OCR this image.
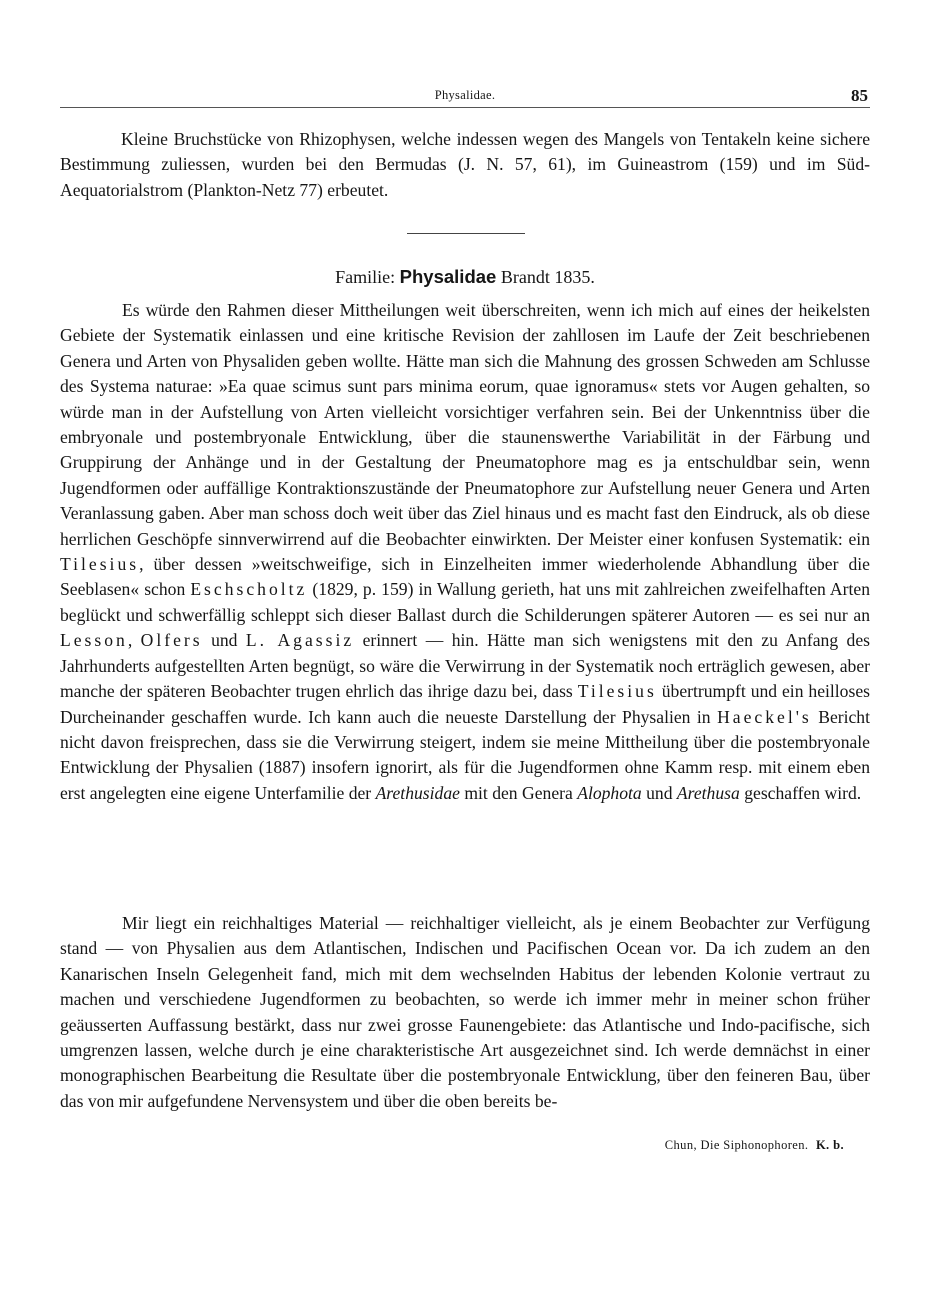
Physalidae.	85

Kleine Bruchstücke von Rhizophysen, welche indessen wegen des Mangels von Tentakeln keine sichere Bestimmung zuliessen, wurden bei den Bermudas (J. N. 57, 61), im Guineastrom (159) und im Süd-Aequatorialstrom (Plankton-Netz 77) erbeutet.

Familie: Physalidae Brandt 1835.

Es würde den Rahmen dieser Mittheilungen weit überschreiten, wenn ich mich auf eines der heikelsten Gebiete der Systematik einlassen und eine kritische Revision der zahllosen im Laufe der Zeit beschriebenen Genera und Arten von Physaliden geben wollte. Hätte man sich die Mahnung des grossen Schweden am Schlusse des Systema naturae: »Ea quae scimus sunt pars minima eorum, quae ignoramus« stets vor Augen gehalten, so würde man in der Aufstellung von Arten vielleicht vorsichtiger verfahren sein. Bei der Unkenntniss über die embryonale und postembryonale Entwicklung, über die staunenswerthe Variabilität in der Färbung und Gruppirung der Anhänge und in der Gestaltung der Pneumatophore mag es ja entschuldbar sein, wenn Jugendformen oder auffällige Kontraktionszustände der Pneumatophore zur Aufstellung neuer Genera und Arten Veranlassung gaben. Aber man schoss doch weit über das Ziel hinaus und es macht fast den Eindruck, als ob diese herrlichen Geschöpfe sinnverwirrend auf die Beobachter einwirkten. Der Meister einer konfusen Systematik: ein Tilesius, über dessen »weitschweifige, sich in Einzelheiten immer wiederholende Abhandlung über die Seeblasen« schon Eschscholtz (1829, p. 159) in Wallung gerieth, hat uns mit zahlreichen zweifelhaften Arten beglückt und schwerfällig schleppt sich dieser Ballast durch die Schilderungen späterer Autoren — es sei nur an Lesson, Olfers und L. Agassiz erinnert — hin. Hätte man sich wenigstens mit den zu Anfang des Jahrhunderts aufgestellten Arten begnügt, so wäre die Verwirrung in der Systematik noch erträglich gewesen, aber manche der späteren Beobachter trugen ehrlich das ihrige dazu bei, dass Tilesius übertrumpft und ein heilloses Durcheinander geschaffen wurde. Ich kann auch die neueste Darstellung der Physalien in Haeckel's Bericht nicht davon freisprechen, dass sie die Verwirrung steigert, indem sie meine Mittheilung über die postembryonale Entwicklung der Physalien (1887) insofern ignorirt, als für die Jugendformen ohne Kamm resp. mit einem eben erst angelegten eine eigene Unterfamilie der Arethusidae mit den Genera Alophota und Arethusa geschaffen wird.

Mir liegt ein reichhaltiges Material — reichhaltiger vielleicht, als je einem Beobachter zur Verfügung stand — von Physalien aus dem Atlantischen, Indischen und Pacifischen Ocean vor. Da ich zudem an den Kanarischen Inseln Gelegenheit fand, mich mit dem wechselnden Habitus der lebenden Kolonie vertraut zu machen und verschiedene Jugendformen zu beobachten, so werde ich immer mehr in meiner schon früher geäusserten Auffassung bestärkt, dass nur zwei grosse Faunengebiete: das Atlantische und Indo-pacifische, sich umgrenzen lassen, welche durch je eine charakteristische Art ausgezeichnet sind. Ich werde demnächst in einer monographischen Bearbeitung die Resultate über die postembryonale Entwicklung, über den feineren Bau, über das von mir aufgefundene Nervensystem und über die oben bereits be-

Chun, Die Siphonophoren. K. b.
